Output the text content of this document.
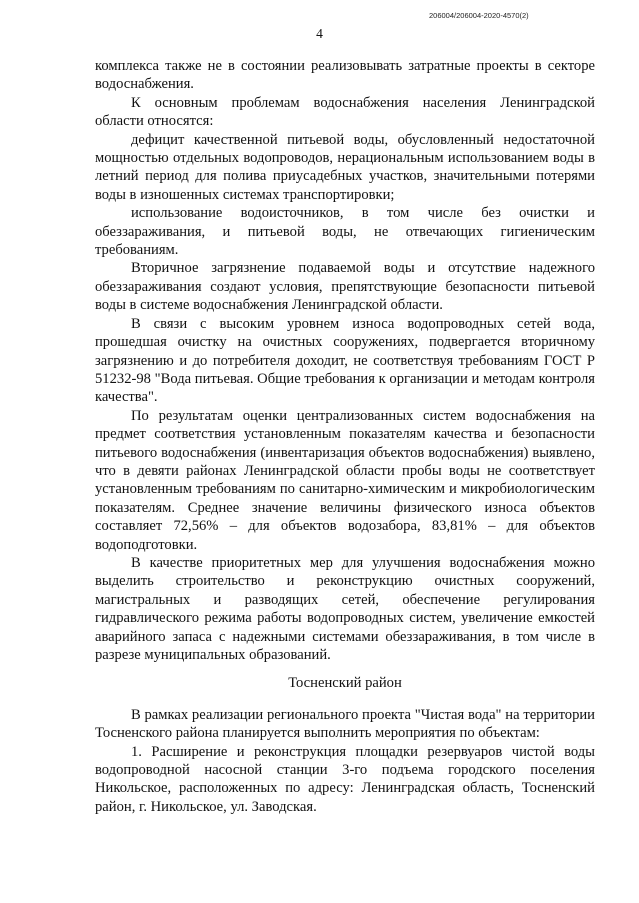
206004/206004-2020-4570(2)
4

комплекса также не в состоянии реализовывать затратные проекты в секторе водоснабжения.

К основным проблемам водоснабжения населения Ленинградской области относятся:

дефицит качественной питьевой воды, обусловленный недостаточной мощностью отдельных водопроводов, нерациональным использованием воды в летний период для полива приусадебных участков, значительными потерями воды в изношенных системах транспортировки;

использование водоисточников, в том числе без очистки и обеззараживания, и питьевой воды, не отвечающих гигиеническим требованиям.

Вторичное загрязнение подаваемой воды и отсутствие надежного обеззараживания создают условия, препятствующие безопасности питьевой воды в системе водоснабжения Ленинградской области.

В связи с высоким уровнем износа водопроводных сетей вода, прошедшая очистку на очистных сооружениях, подвергается вторичному загрязнению и до потребителя доходит, не соответствуя требованиям ГОСТ Р 51232-98 "Вода питьевая. Общие требования к организации и методам контроля качества".

По результатам оценки централизованных систем водоснабжения на предмет соответствия установленным показателям качества и безопасности питьевого водоснабжения (инвентаризация объектов водоснабжения) выявлено, что в девяти районах Ленинградской области пробы воды не соответствует установленным требованиям по санитарно-химическим и микробиологическим показателям. Среднее значение величины физического износа объектов составляет 72,56% – для объектов водозабора, 83,81% – для объектов водоподготовки.

В качестве приоритетных мер для улучшения водоснабжения можно выделить строительство и реконструкцию очистных сооружений, магистральных и разводящих сетей, обеспечение регулирования гидравлического режима работы водопроводных систем, увеличение емкостей аварийного запаса с надежными системами обеззараживания, в том числе в разрезе муниципальных образований.

Тосненский район

В рамках реализации регионального проекта "Чистая вода" на территории Тосненского района планируется выполнить мероприятия по объектам:

1. Расширение и реконструкция площадки резервуаров чистой воды водопроводной насосной станции 3-го подъема городского поселения Никольское, расположенных по адресу: Ленинградская область, Тосненский район, г. Никольское, ул. Заводская.
